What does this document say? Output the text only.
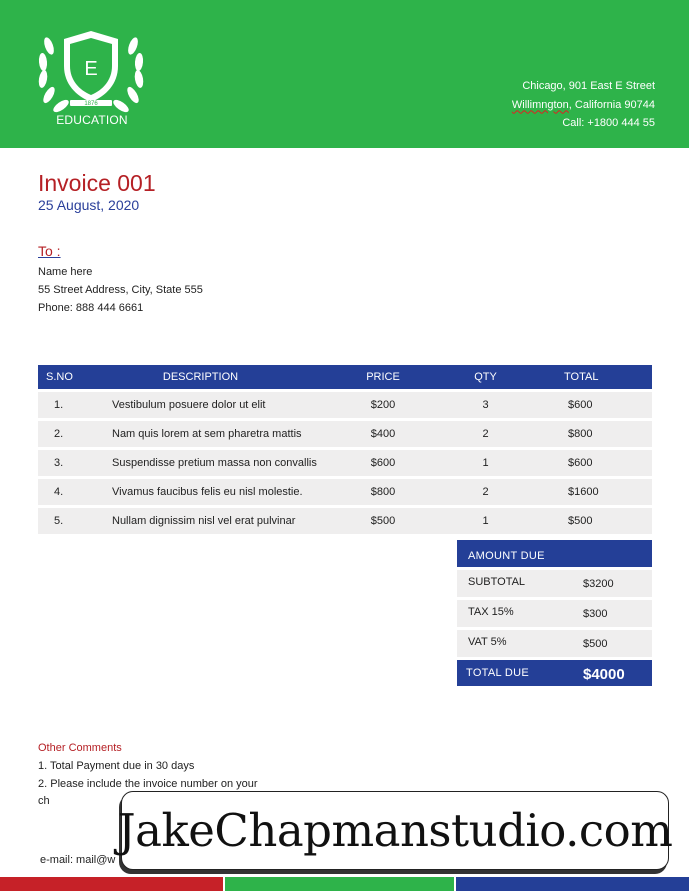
E
1876
EDUCATION
Chicago, 901 East E Street
Willimngton, California 90744
Call: +1800 444 55
Invoice 001
25 August, 2020
To :
Name here
55 Street Address, City, State 555
Phone: 888 444 6661
S.NO	DESCRIPTION	PRICE	QTY	TOTAL
1.	Vestibulum posuere dolor ut elit	$200	3	$600
2.	Nam quis lorem at sem pharetra mattis	$400	2	$800
3.	Suspendisse pretium massa non convallis	$600	1	$600
4.	Vivamus faucibus felis eu nisl molestie.	$800	2	$1600
5.	Nullam dignissim nisl vel erat pulvinar	$500	1	$500
AMOUNT DUE
SUBTOTAL	$3200
TAX 15%	$300
VAT 5%	$500
TOTAL DUE	$4000
Other Comments
1. Total Payment due in 30 days
2. Please include the invoice number on your
ch
e-mail: mail@w
JakeChapmanstudio.com
